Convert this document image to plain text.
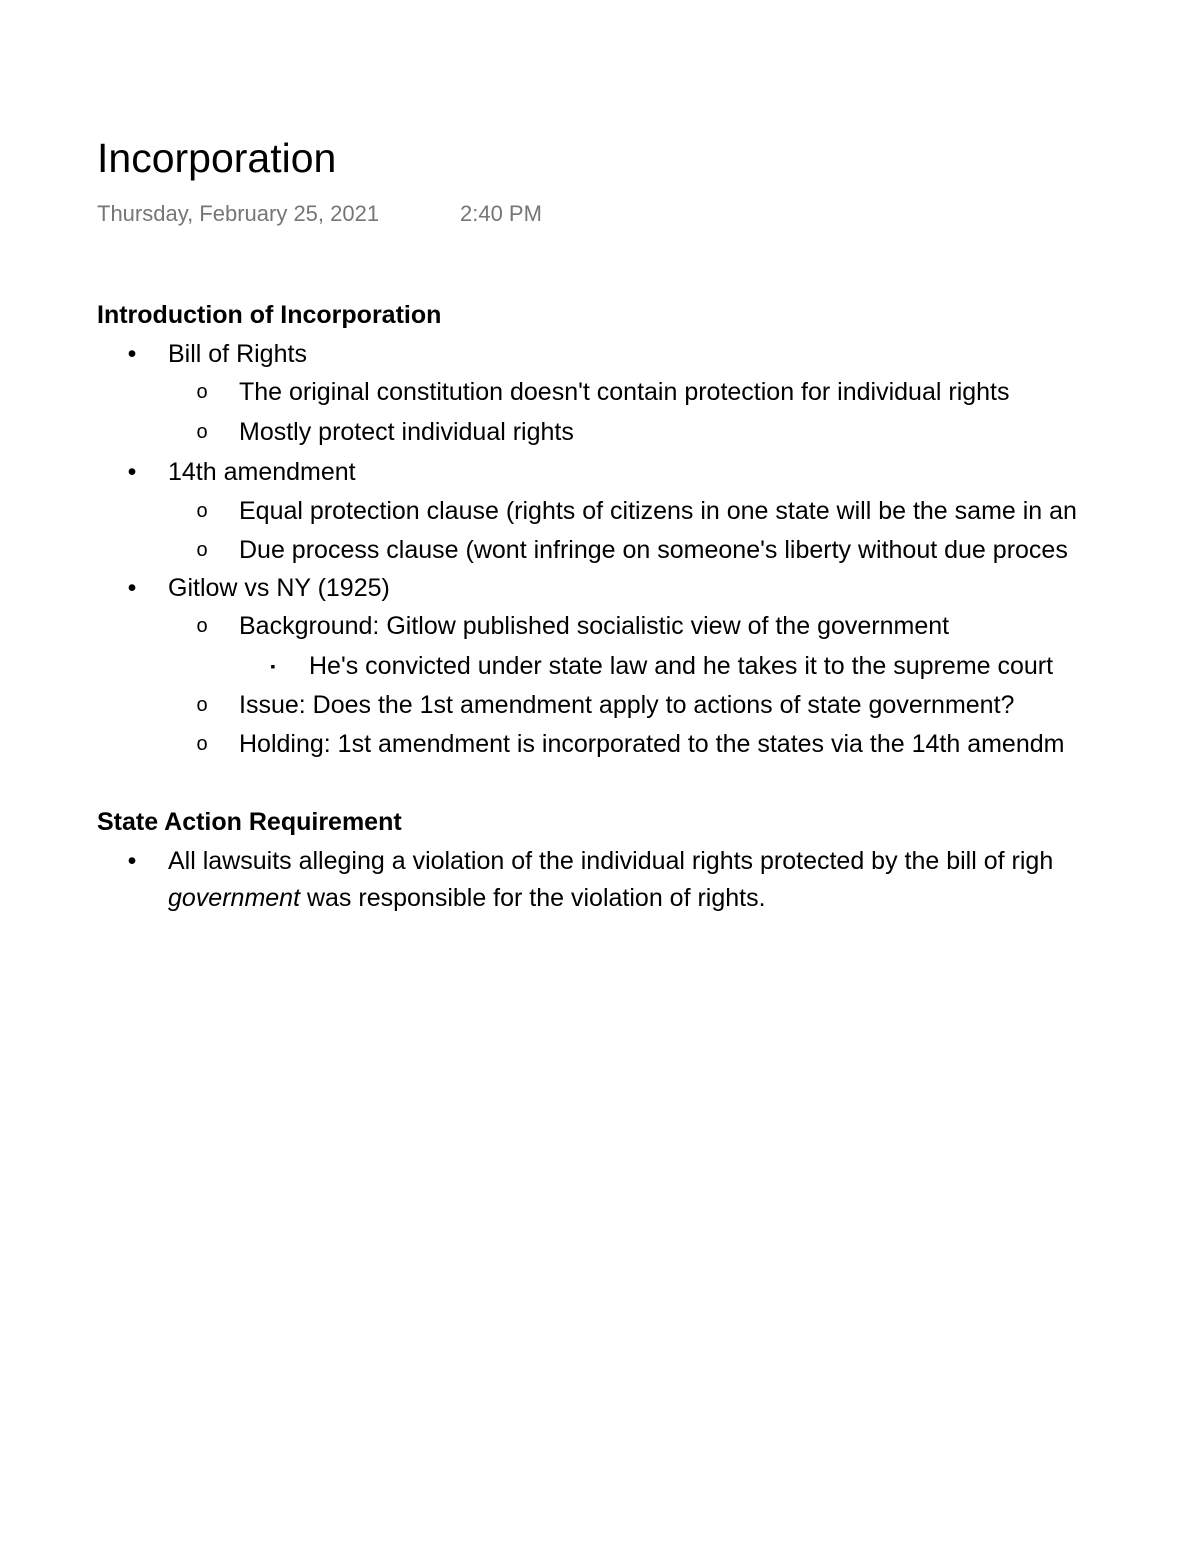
Incorporation
Thursday, February 25, 2021	2:40 PM
Introduction of Incorporation
• Bill of Rights
o The original constitution doesn't contain protection for individual rights
o Mostly protect individual rights
• 14th amendment
o Equal protection clause (rights of citizens in one state will be the same in an
o Due process clause (wont infringe on someone's liberty without due proces
• Gitlow vs NY (1925)
o Background: Gitlow published socialistic view of the government
▪	He's convicted under state law and he takes it to the supreme court
o Issue: Does the 1st amendment apply to actions of state government?
o Holding: 1st amendment is incorporated to the states via the 14th amendm
State Action Requirement
• All lawsuits alleging a violation of the individual rights protected by the bill of righ
government was responsible for the violation of rights.
